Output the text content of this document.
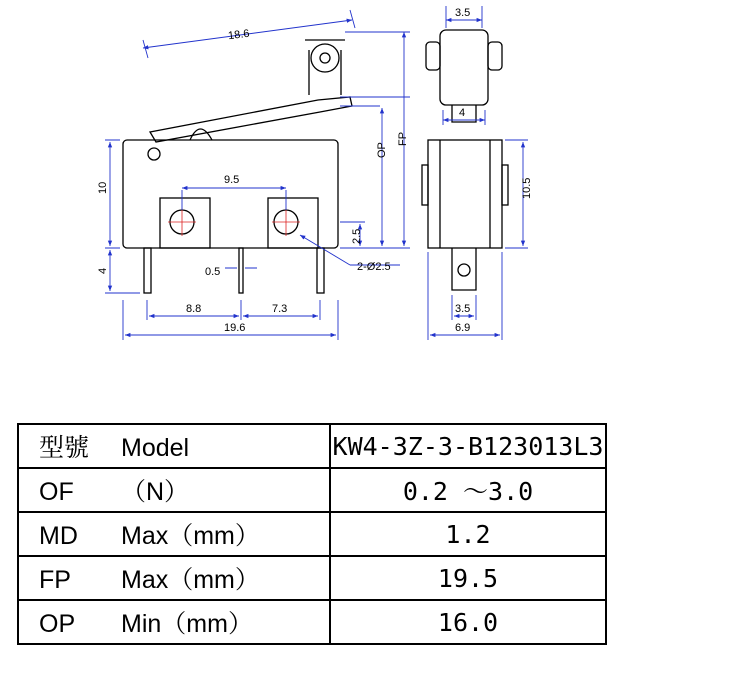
18.6
9.5
10
4	0.5
8.8	7.3
19.6
2.5
2-Ø2.5
OP
FP
3.5
4
10.5
3.5
6.9
型號 Model	KW4-3Z-3-B123013L3
OF （N）	0.2 ～3.0
MD Max（mm）	1.2
FP Max（mm）	19.5
OP Min（mm）	16.0
